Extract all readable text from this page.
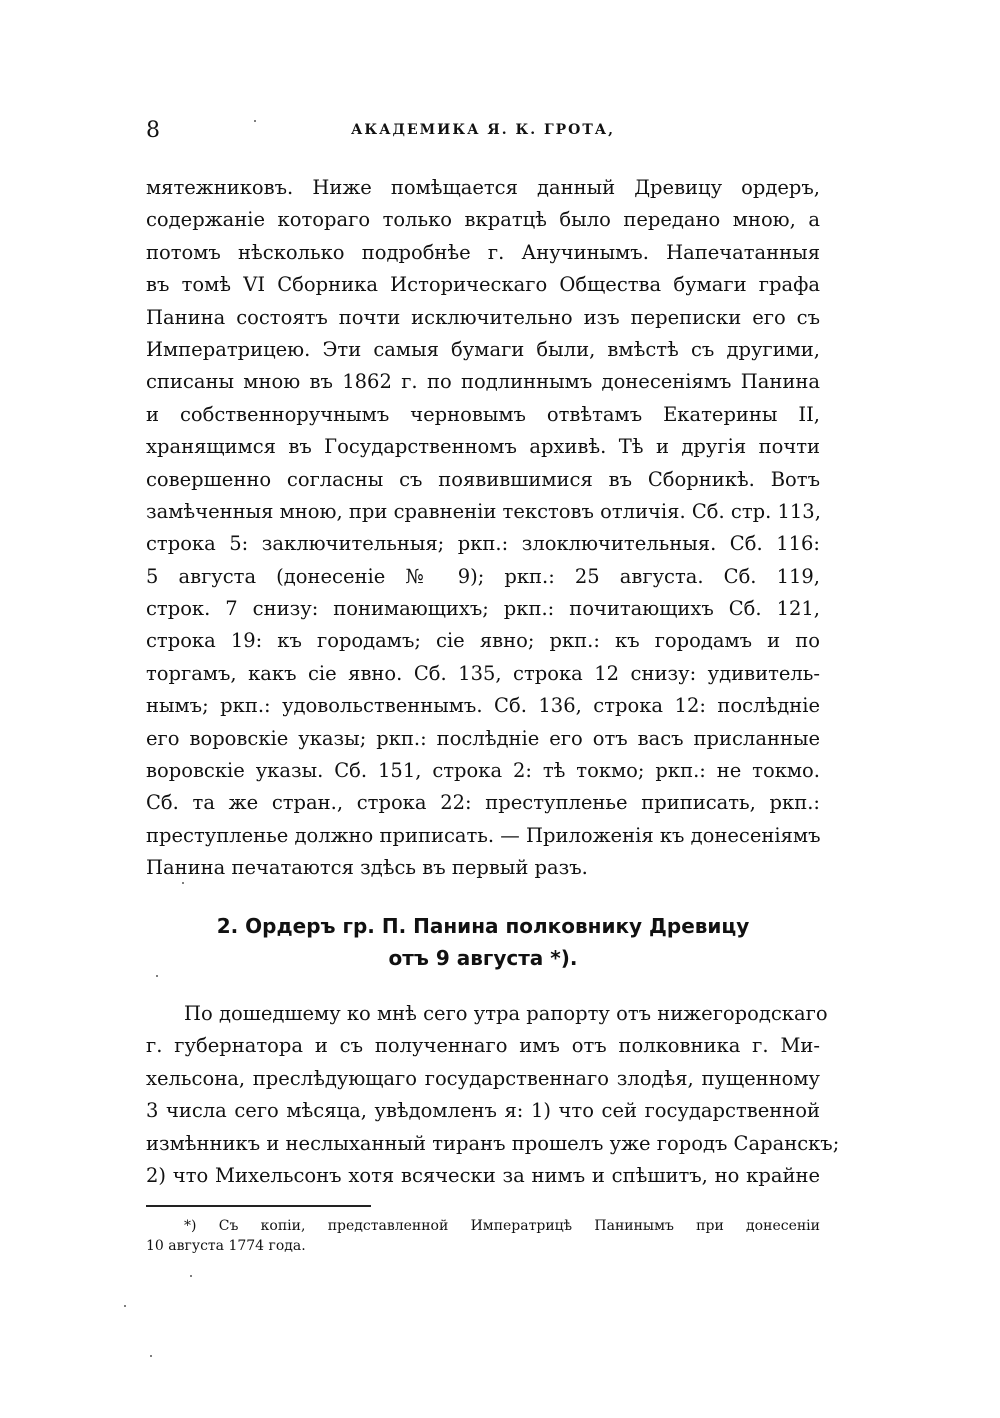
8	АКАДЕМИКА Я. К. ГРОТА,
мятежниковъ. Ниже помѣщается данный Древицу ордеръ,
содержаніе котораго только вкратцѣ было передано мною, а
потомъ нѣсколько подробнѣе г. Анучинымъ. Напечатанныя
въ томѣ VI Сборника Историческаго Общества бумаги графа
Панина состоятъ почти исключительно изъ переписки его съ
Императрицею. Эти самыя бумаги были, вмѣстѣ съ другими,
списаны мною въ 1862 г. по подлиннымъ донесеніямъ Панина
и собственноручнымъ черновымъ отвѣтамъ Екатерины II,
хранящимся въ Государственномъ архивѣ. Тѣ и другія почти
совершенно согласны съ появившимися въ Сборникѣ. Вотъ
замѣченныя мною, при сравненіи текстовъ отличія. Сб. стр. 113,
строка 5: заключительныя; ркп.: злоключительныя. Сб. 116:
5 августа (донесеніе № 9); ркп.: 25 августа. Сб. 119,
строк. 7 снизу: понимающихъ; ркп.: почитающихъ Сб. 121,
строка 19: къ городамъ; сіе явно; ркп.: къ городамъ и по
торгамъ, какъ сіе явно. Сб. 135, строка 12 снизу: удивитель-
нымъ; ркп.: удовольственнымъ. Сб. 136, строка 12: послѣдніе
его воровскіе указы; ркп.: послѣдніе его отъ васъ присланные
воровскіе указы. Сб. 151, строка 2: тѣ токмо; ркп.: не токмо.
Сб. та же стран., строка 22: преступленье приписать, ркп.:
преступленье должно приписать. — Приложенія къ донесеніямъ
Панина печатаются здѣсь въ первый разъ.
2. Ордеръ гр. П. Панина полковнику Древицу
отъ 9 августа *).
По дошедшему ко мнѣ сего утра рапорту отъ нижегородскаго
г. губернатора и съ полученнаго имъ отъ полковника г. Ми-
хельсона, преслѣдующаго государственнаго злодѣя, пущенному
3 числа сего мѣсяца, увѣдомленъ я: 1) что сей государственной
измѣнникъ и неслыханный тиранъ прошелъ уже городъ Саранскъ;
2) что Михельсонъ хотя всячески за нимъ и спѣшитъ, но крайне
*) Съ копіи, представленной Императрицѣ Панинымъ при донесеніи
10 августа 1774 года.
